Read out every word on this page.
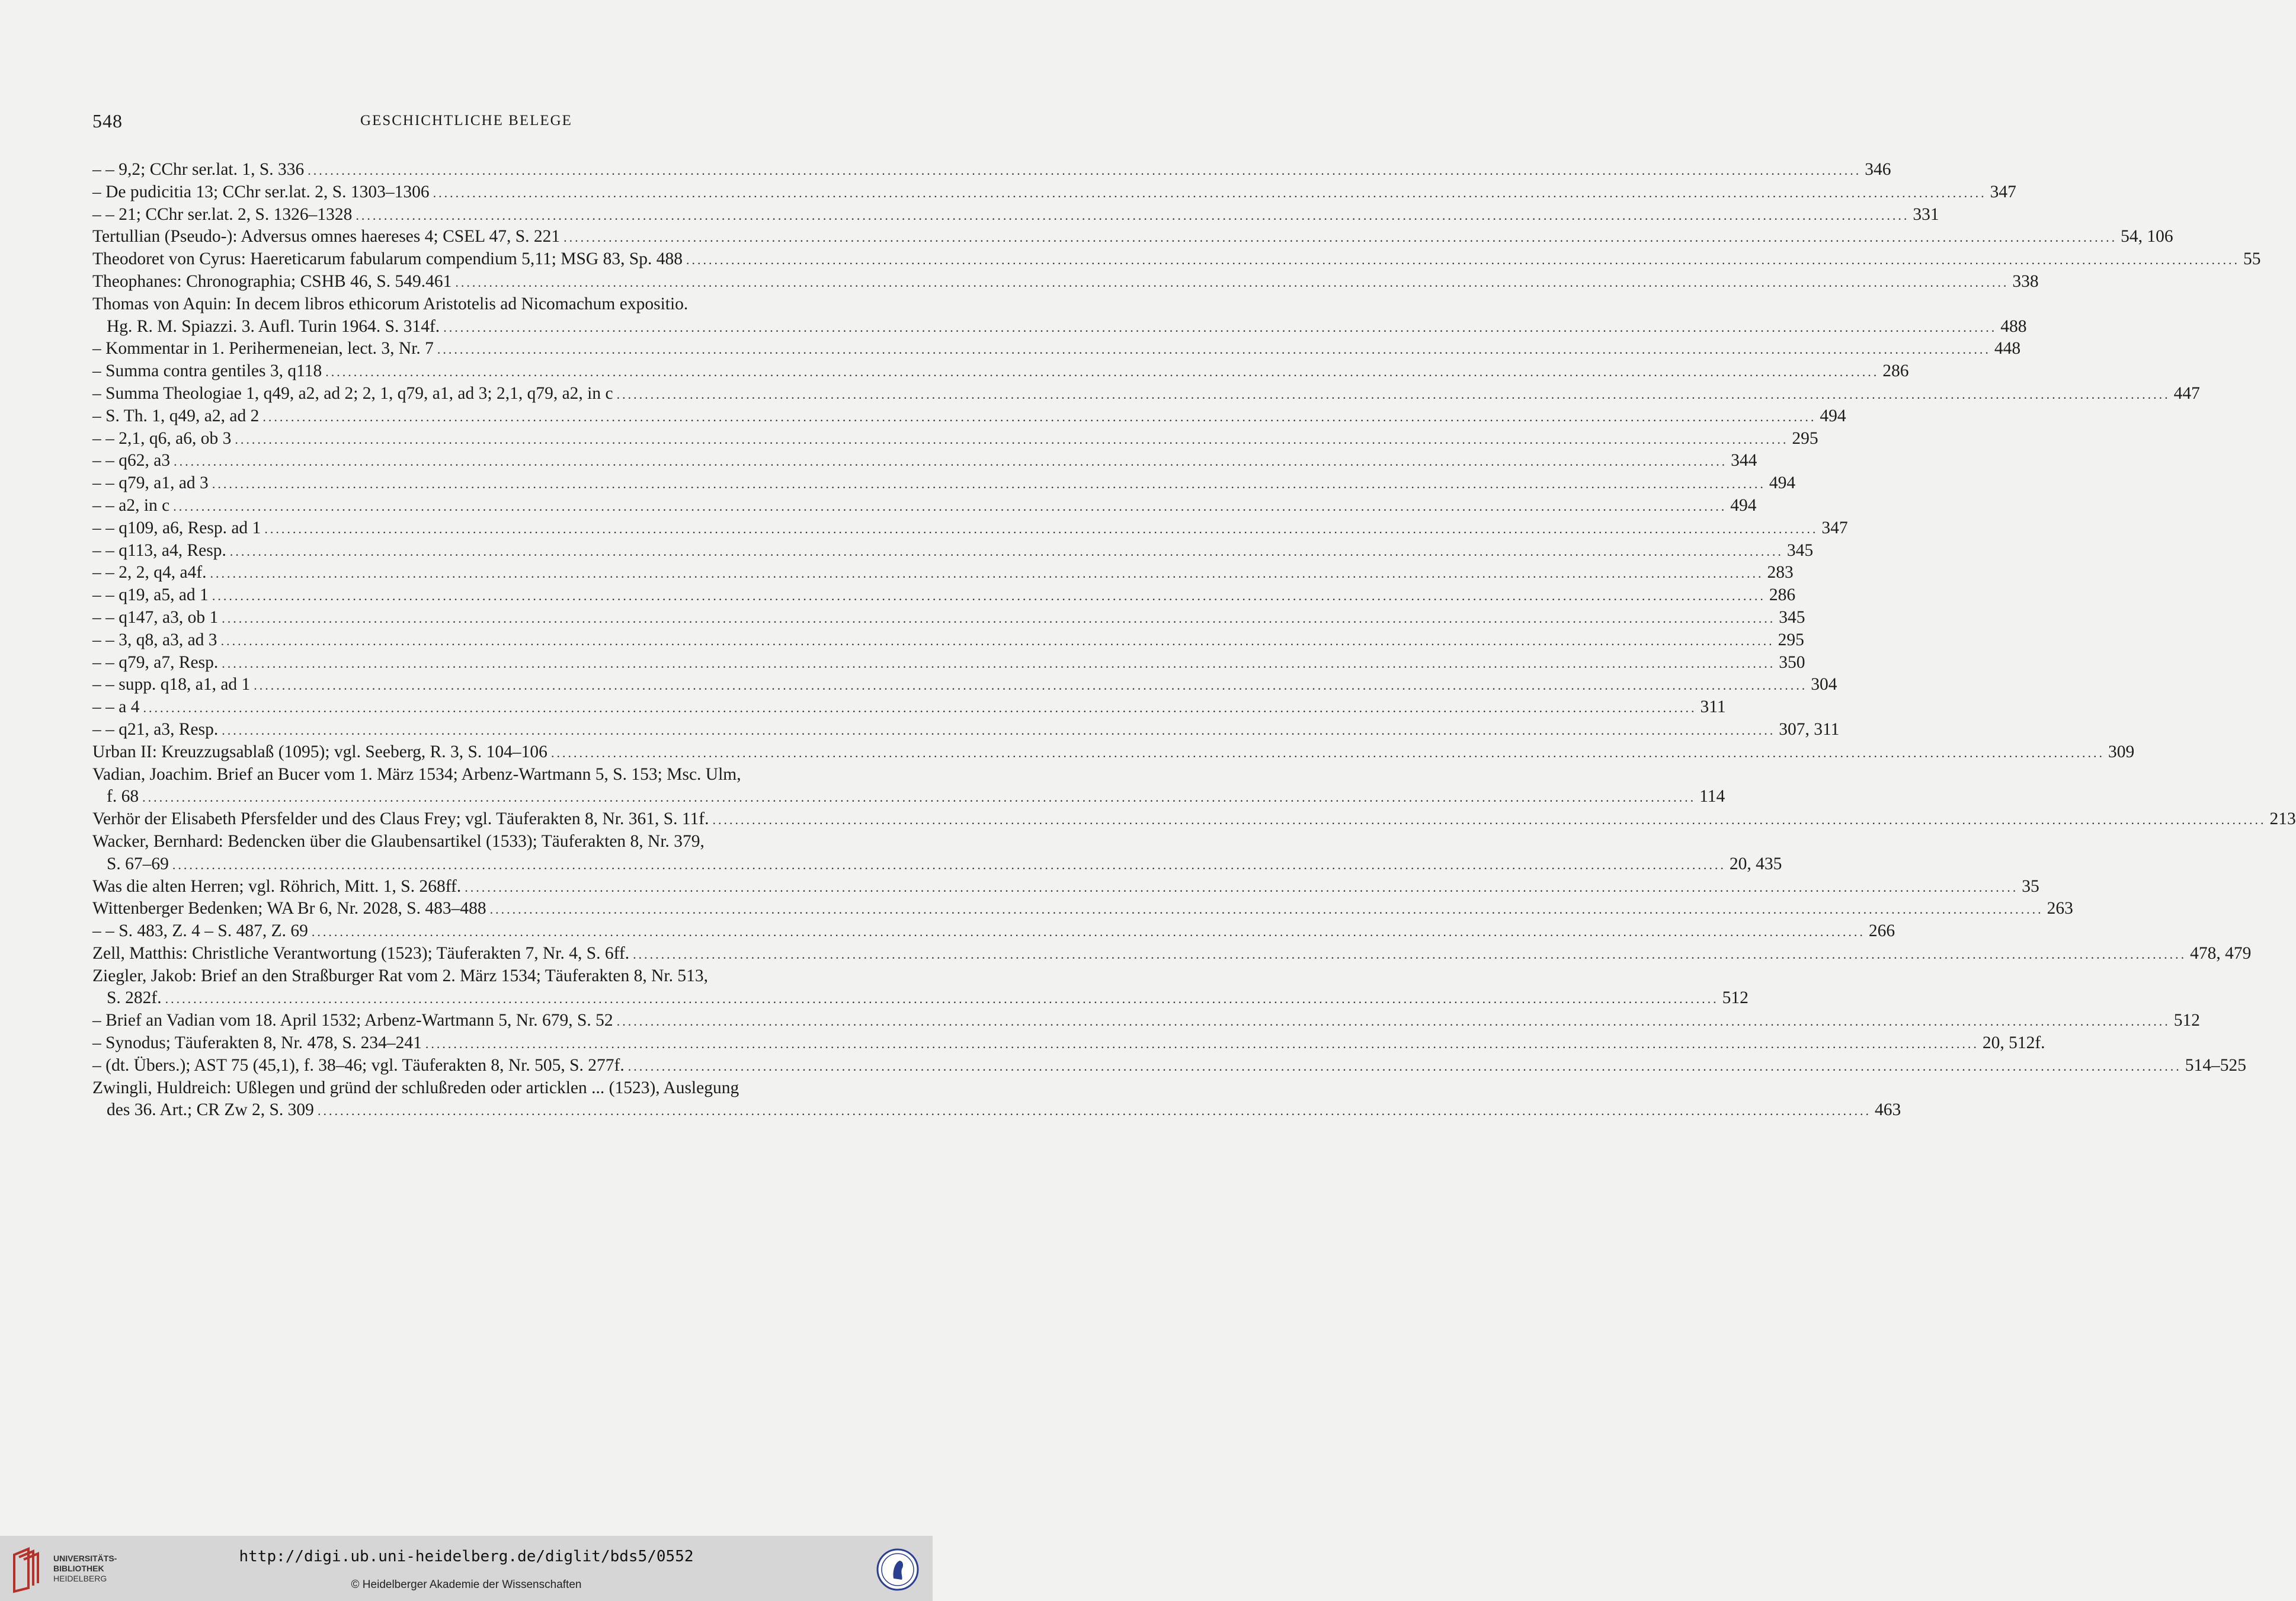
548	GESCHICHTLICHE BELEGE
– – 9,2; CChr ser.lat. 1, S. 336 .....	346
– De pudicitia 13; CChr ser.lat. 2, S. 1303–1306 .....	347
– – 21; CChr ser.lat. 2, S. 1326–1328 .....	331
Tertullian (Pseudo-): Adversus omnes haereses 4; CSEL 47, S. 221 .....	54, 106
Theodoret von Cyrus: Haereticarum fabularum compendium 5,11; MSG 83, Sp. 488 .....	55
Theophanes: Chronographia; CSHB 46, S. 549.461 .....	338
Thomas von Aquin: In decem libros ethicorum Aristotelis ad Nicomachum expositio.
Hg. R. M. Spiazzi. 3. Aufl. Turin 1964. S. 314f. .....	488
– Kommentar in 1. Perihermeneian, lect. 3, Nr. 7 .....	448
– Summa contra gentiles 3, q118 .....	286
– Summa Theologiae 1, q49, a2, ad 2; 2, 1, q79, a1, ad 3; 2,1, q79, a2, in c .....	447
– S. Th. 1, q49, a2, ad 2 .....	494
– – 2,1, q6, a6, ob 3 .....	295
– – q62, a3 .....	344
– – q79, a1, ad 3 .....	494
– – a2, in c .....	494
– – q109, a6, Resp. ad 1 .....	347
– – q113, a4, Resp. .....	345
– – 2, 2, q4, a4f. .....	283
– – q19, a5, ad 1 .....	286
– – q147, a3, ob 1 .....	345
– – 3, q8, a3, ad 3 .....	295
– – q79, a7, Resp. .....	350
– – supp. q18, a1, ad 1 .....	304
– – a 4 .....	311
– – q21, a3, Resp. .....	307, 311
Urban II: Kreuzzugsablaß (1095); vgl. Seeberg, R. 3, S. 104–106 .....	309
Vadian, Joachim. Brief an Bucer vom 1. März 1534; Arbenz-Wartmann 5, S. 153; Msc. Ulm,
f. 68 .....	114
Verhör der Elisabeth Pfersfelder und des Claus Frey; vgl. Täuferakten 8, Nr. 361, S. 11f. .....	213
Wacker, Bernhard: Bedencken über die Glaubensartikel (1533); Täuferakten 8, Nr. 379,
S. 67–69 .....	20, 435
Was die alten Herren; vgl. Röhrich, Mitt. 1, S. 268ff. .....	35
Wittenberger Bedenken; WA Br 6, Nr. 2028, S. 483–488 .....	263
– – S. 483, Z. 4 – S. 487, Z. 69 .....	266
Zell, Matthis: Christliche Verantwortung (1523); Täuferakten 7, Nr. 4, S. 6ff. .....	478, 479
Ziegler, Jakob: Brief an den Straßburger Rat vom 2. März 1534; Täuferakten 8, Nr. 513,
S. 282f. .....	512
– Brief an Vadian vom 18. April 1532; Arbenz-Wartmann 5, Nr. 679, S. 52 .....	512
– Synodus; Täuferakten 8, Nr. 478, S. 234–241 .....	20, 512f.
– (dt. Übers.); AST 75 (45,1), f. 38–46; vgl. Täuferakten 8, Nr. 505, S. 277f. .....	514–525
Zwingli, Huldreich: Ußlegen und gründ der schlußreden oder articklen ... (1523), Auslegung
des 36. Art.; CR Zw 2, S. 309 .....	463
UNIVERSITÄTS-
BIBLIOTHEK
HEIDELBERG
http://digi.ub.uni-heidelberg.de/diglit/bds5/0552
© Heidelberger Akademie der Wissenschaften
